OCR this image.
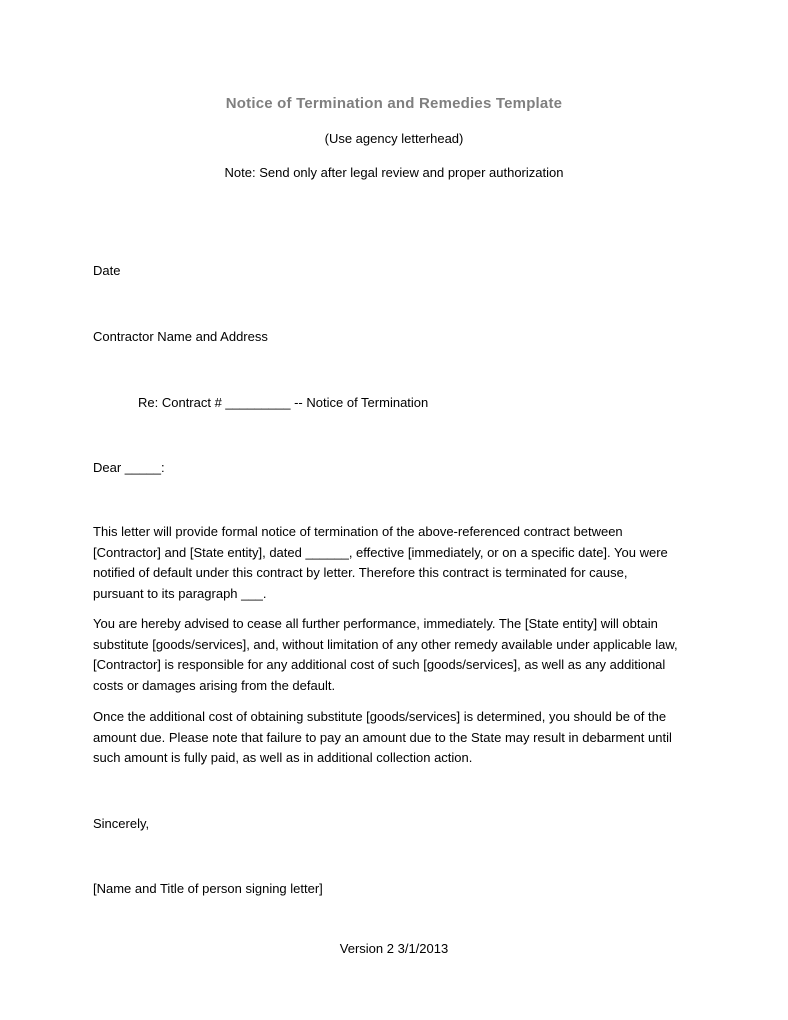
Notice of Termination and Remedies Template
(Use agency letterhead)
Note: Send only after legal review and proper authorization
Date
Contractor Name and Address
Re: Contract # _________ -- Notice of Termination
Dear _____:
This letter will provide formal notice of termination of the above-referenced contract between
[Contractor] and [State entity], dated ______, effective [immediately, or on a specific date]. You were
notified of default under this contract by letter. Therefore this contract is terminated for cause,
pursuant to its paragraph ___.
You are hereby advised to cease all further performance, immediately. The [State entity] will obtain
substitute [goods/services], and, without limitation of any other remedy available under applicable law,
[Contractor] is responsible for any additional cost of such [goods/services], as well as any additional
costs or damages arising from the default.
Once the additional cost of obtaining substitute [goods/services] is determined, you should be of the
amount due. Please note that failure to pay an amount due to the State may result in debarment until
such amount is fully paid, as well as in additional collection action.
Sincerely,
[Name and Title of person signing letter]
Version 2 3/1/2013
